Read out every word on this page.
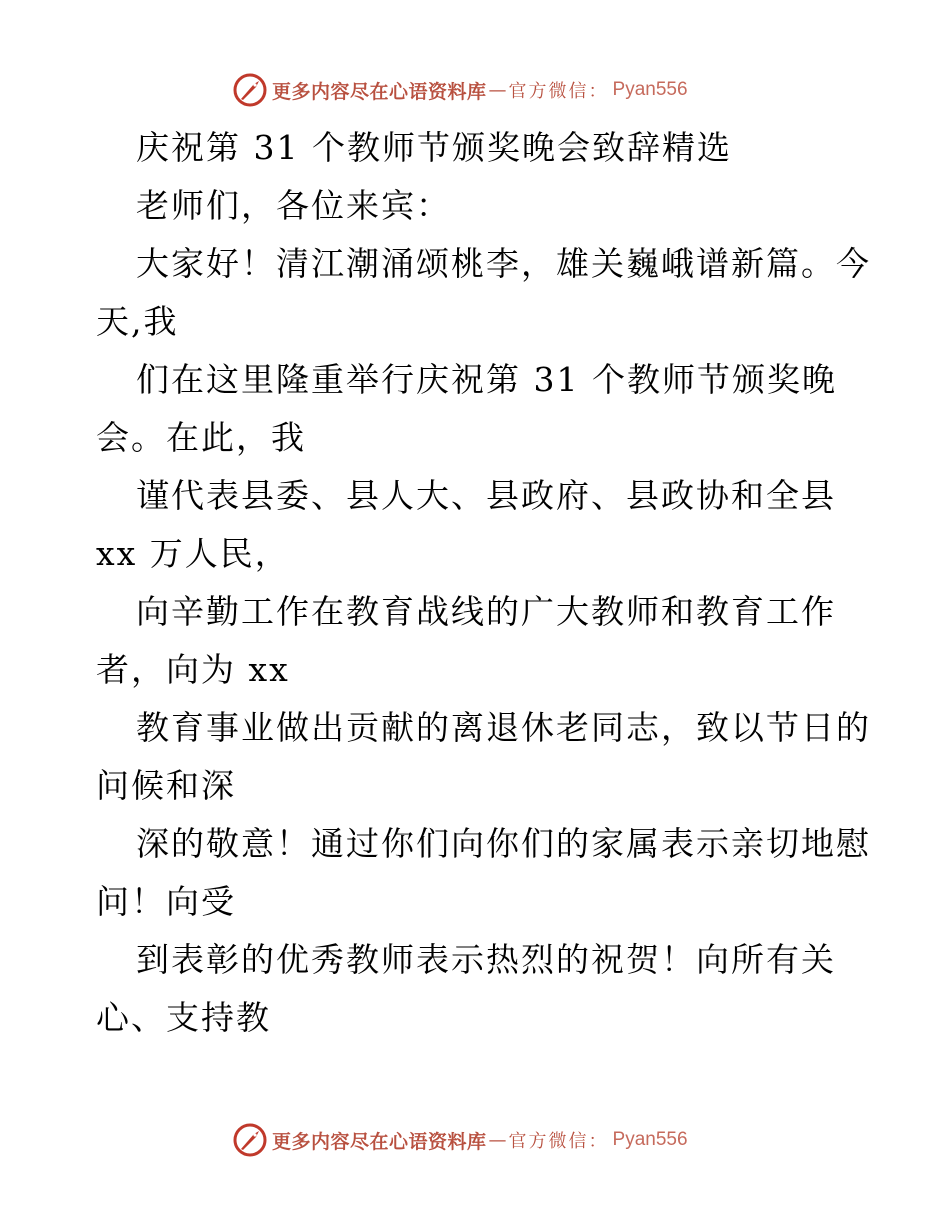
更多内容尽在心语资料库 — 官方微信： Pyan556
庆祝第 31 个教师节颁奖晚会致辞精选
老师们，各位来宾：
大家好！清江潮涌颂桃李，雄关巍峨谱新篇。今
天,我
们在这里隆重举行庆祝第 31 个教师节颁奖晚
会。在此，我
谨代表县委、县人大、县政府、县政协和全县
xx 万人民，
向辛勤工作在教育战线的广大教师和教育工作
者，向为 xx
教育事业做出贡献的离退休老同志，致以节日的
问候和深
深的敬意！通过你们向你们的家属表示亲切地慰
问！向受
到表彰的优秀教师表示热烈的祝贺！向所有关
心、支持教
更多内容尽在心语资料库 — 官方微信： Pyan556
